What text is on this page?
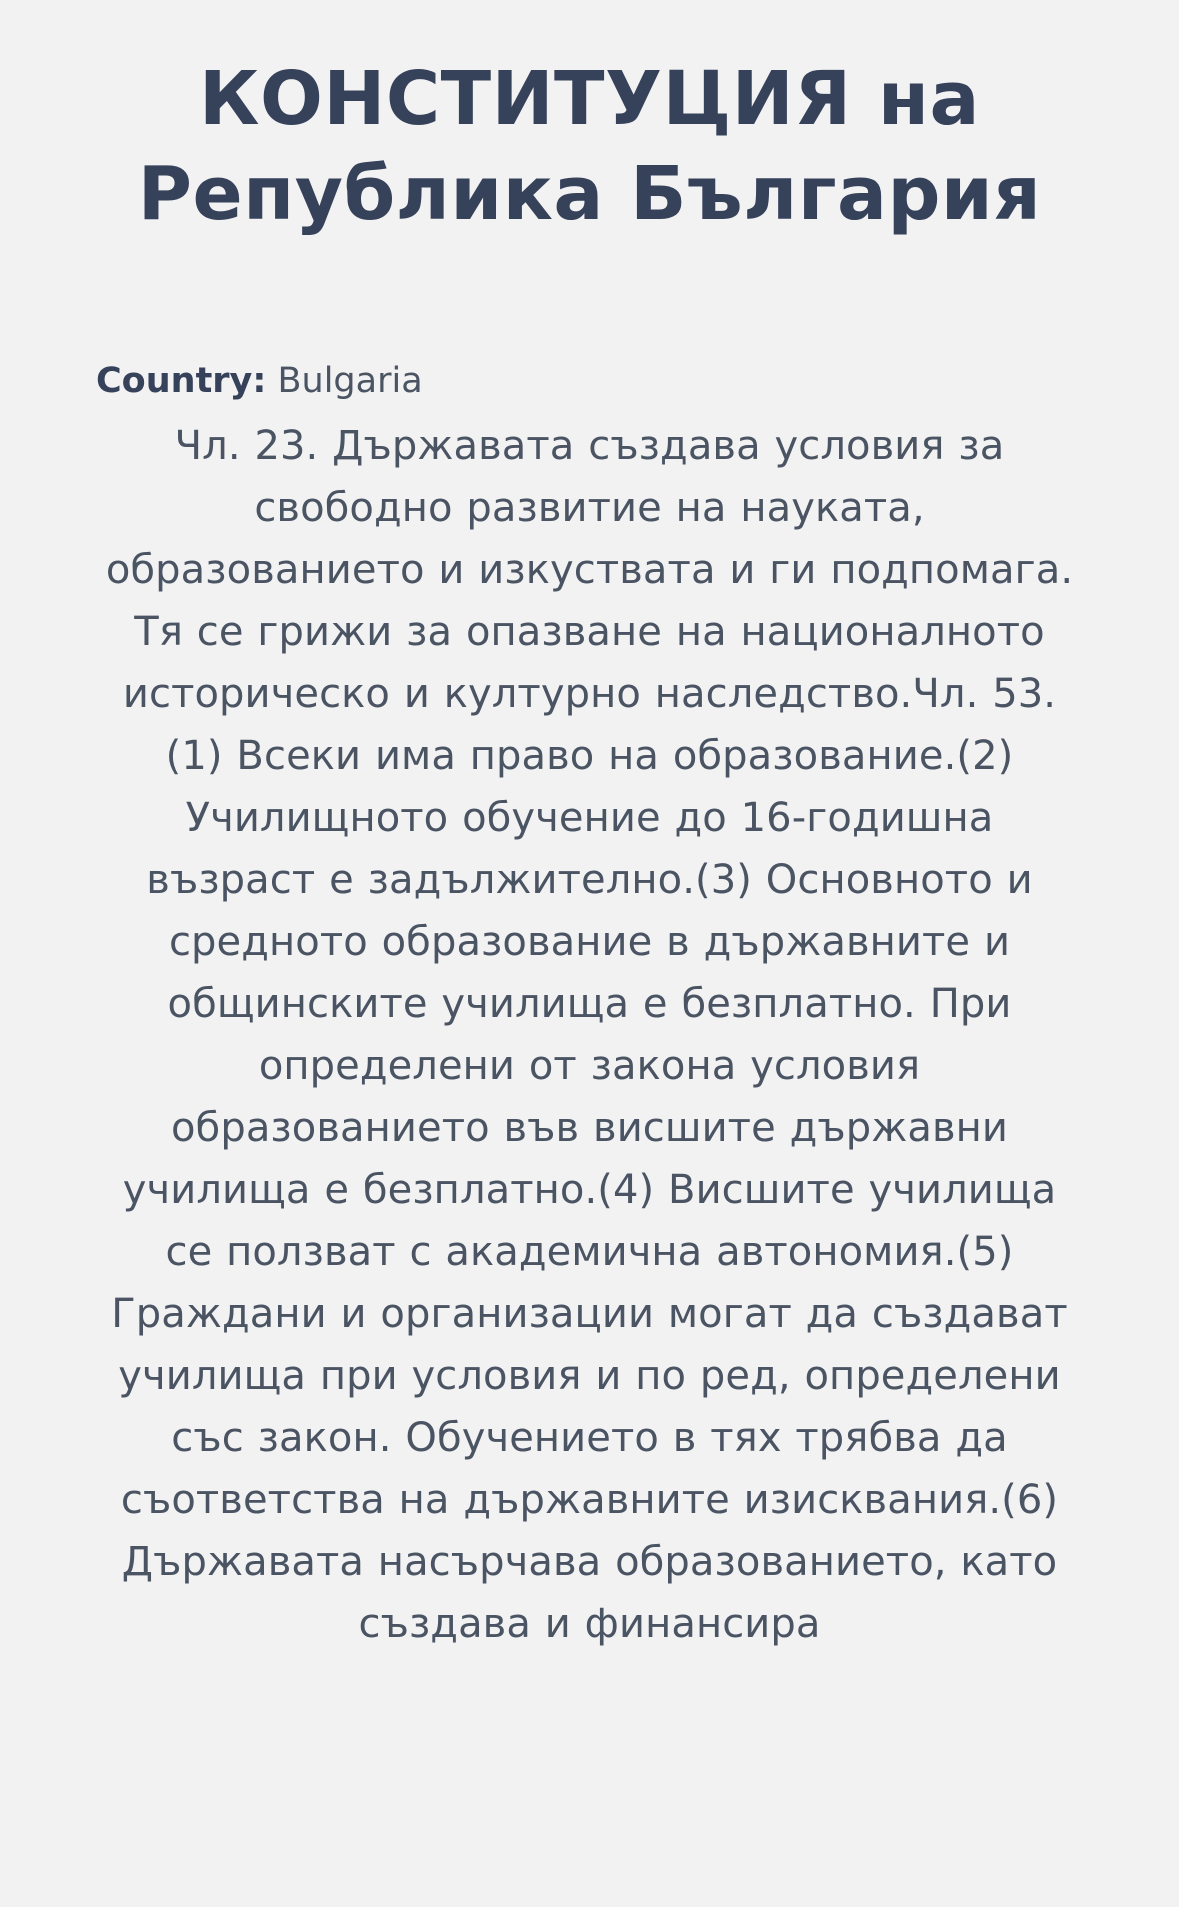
КОНСТИТУЦИЯ на Република България
Country: Bulgaria
Чл. 23. Държавата създава условия за свободно развитие на науката, образованието и изкуствата и ги подпомага. Тя се грижи за опазване на националното историческо и културно наследство.Чл. 53. (1) Всеки има право на образование.(2) Училищното обучение до 16-годишна възраст е задължително.(3) Основното и средното образование в държавните и общинските училища е безплатно. При определени от закона условия образованието във висшите държавни училища е безплатно.(4) Висшите училища се ползват с академична автономия.(5) Граждани и организации могат да създават училища при условия и по ред, определени със закон. Обучението в тях трябва да съответства на държавните изисквания.(6) Държавата насърчава образованието, като създава и финансира
